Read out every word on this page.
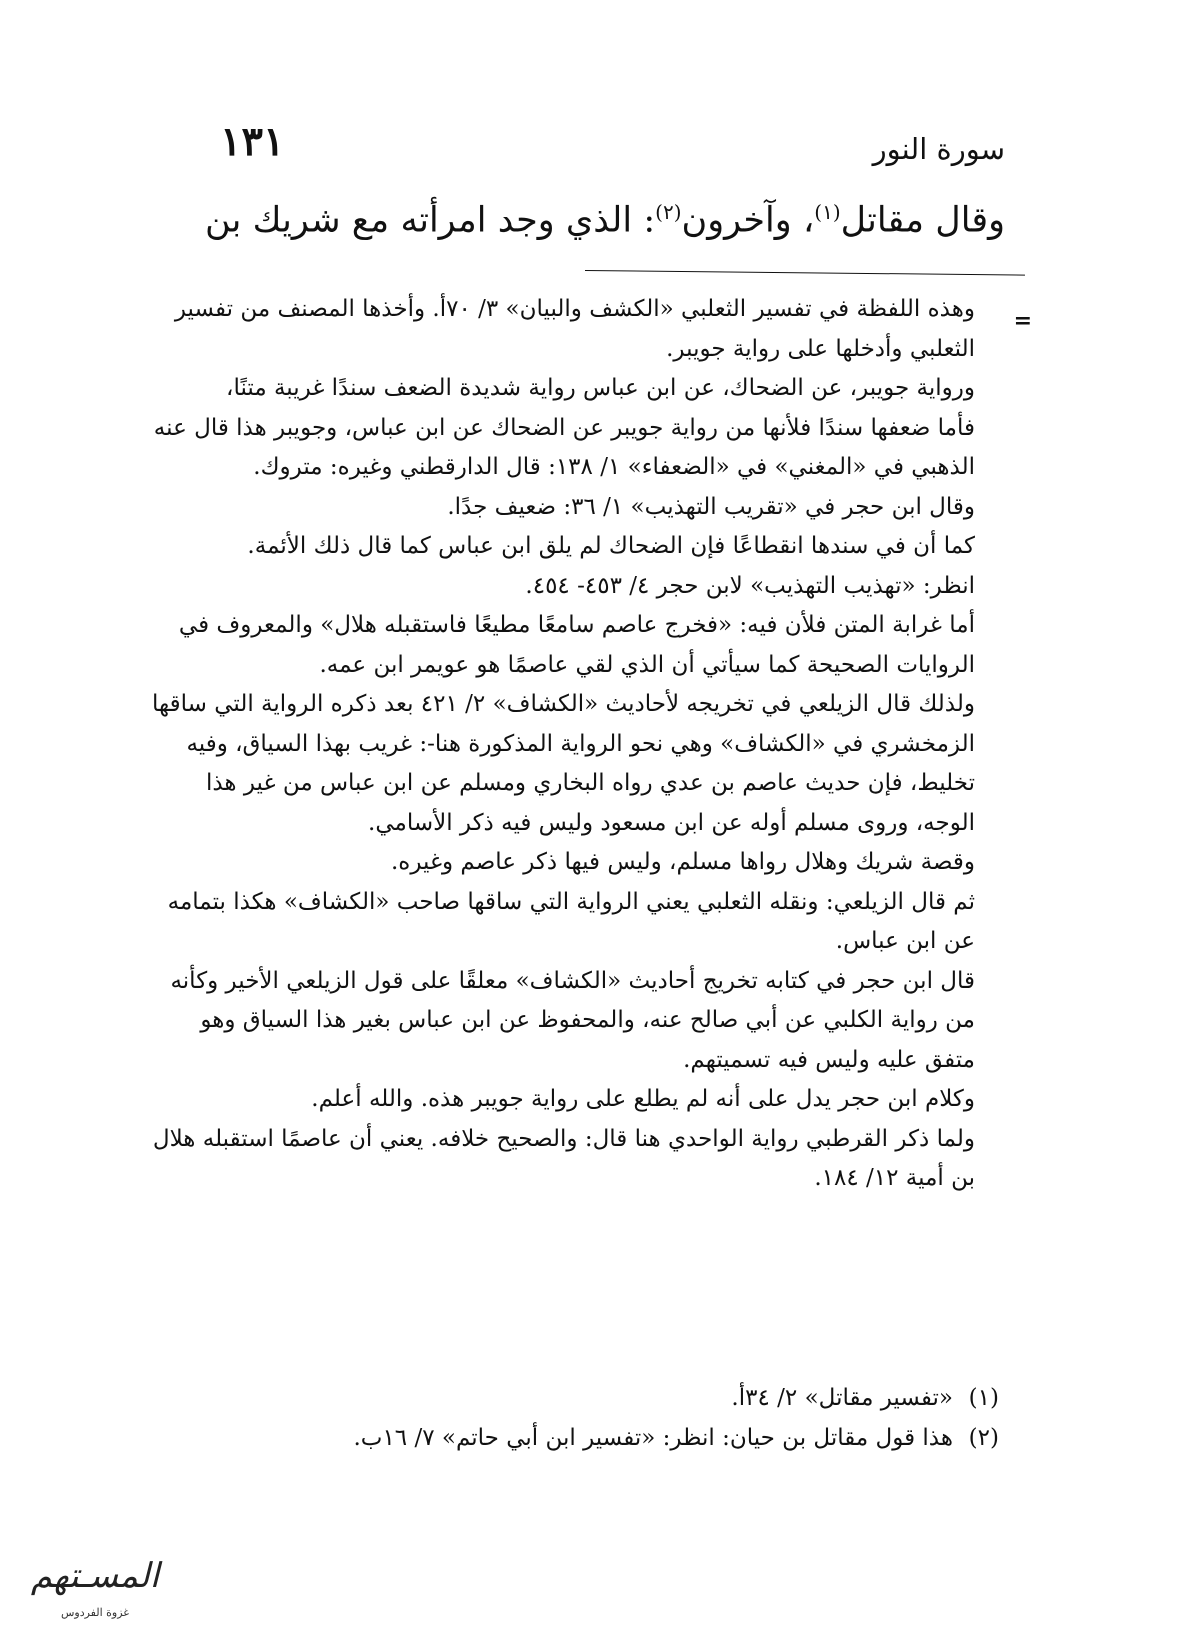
سورة النور
١٣١
وقال مقاتل$^{(١)}$، وآخرون$^{(٢)}$: الذي وجد امرأته مع شريك بن
=

وهذه اللفظة في تفسير الثعلبي «الكشف والبيان» ٣/ ٧٠أ. وأخذها المصنف من تفسير الثعلبي وأدخلها على رواية جويبر.

ورواية جويبر، عن الضحاك، عن ابن عباس رواية شديدة الضعف سندًا غريبة متنًا،

فأما ضعفها سندًا فلأنها من رواية جويبر عن الضحاك عن ابن عباس، وجويبر هذا قال عنه الذهبي في «المغني» في «الضعفاء» ١/ ١٣٨: قال الدارقطني وغيره: متروك.

وقال ابن حجر في «تقريب التهذيب» ١/ ٣٦: ضعيف جدًا.

كما أن في سندها انقطاعًا فإن الضحاك لم يلق ابن عباس كما قال ذلك الأئمة.

انظر: «تهذيب التهذيب» لابن حجر ٤/ ٤٥٣- ٤٥٤.

أما غرابة المتن فلأن فيه: «فخرج عاصم سامعًا مطيعًا فاستقبله هلال» والمعروف في الروايات الصحيحة كما سيأتي أن الذي لقي عاصمًا هو عويمر ابن عمه.

ولذلك قال الزيلعي في تخريجه لأحاديث «الكشاف» ٢/ ٤٢١ بعد ذكره الرواية التي ساقها الزمخشري في «الكشاف» وهي نحو الرواية المذكورة هنا-: غريب بهذا السياق، وفيه تخليط، فإن حديث عاصم بن عدي رواه البخاري ومسلم عن ابن عباس من غير هذا الوجه، وروى مسلم أوله عن ابن مسعود وليس فيه ذكر الأسامي.

وقصة شريك وهلال رواها مسلم، وليس فيها ذكر عاصم وغيره.

ثم قال الزيلعي: ونقله الثعلبي يعني الرواية التي ساقها صاحب «الكشاف» هكذا بتمامه عن ابن عباس.

قال ابن حجر في كتابه تخريج أحاديث «الكشاف» معلقًا على قول الزيلعي الأخير وكأنه من رواية الكلبي عن أبي صالح عنه، والمحفوظ عن ابن عباس بغير هذا السياق وهو متفق عليه وليس فيه تسميتهم.

وكلام ابن حجر يدل على أنه لم يطلع على رواية جويبر هذه. والله أعلم.

ولما ذكر القرطبي رواية الواحدي هنا قال: والصحيح خلافه. يعني أن عاصمًا استقبله هلال بن أمية ١٢/ ١٨٤.

(١)
«تفسير مقاتل» ٢/ ٣٤أ.
(٢)
هذا قول مقاتل بن حيان: انظر: «تفسير ابن أبي حاتم» ٧/ ١٦ب.
المسـتهم
غزوة الفردوس
